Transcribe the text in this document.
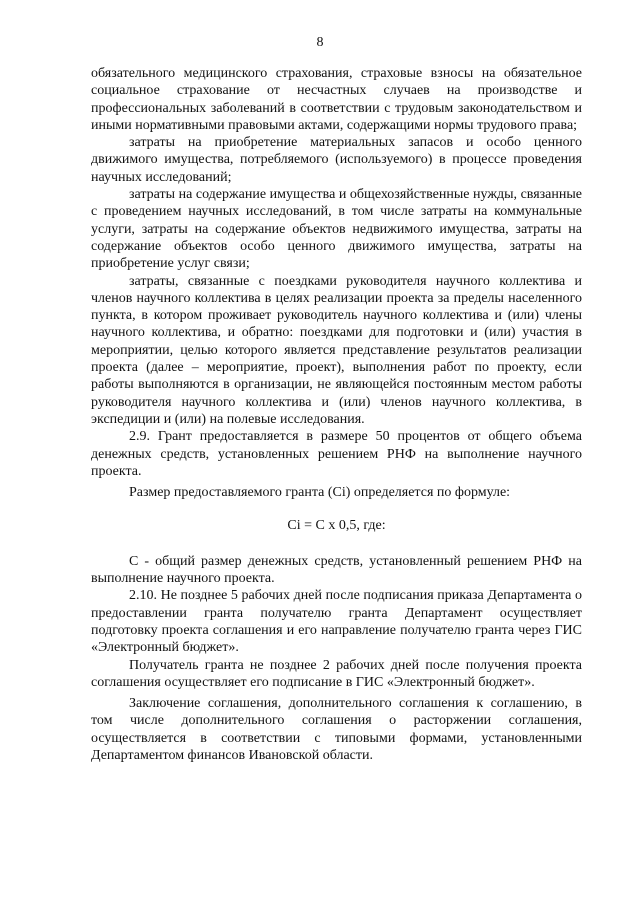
8

обязательного медицинского страхования, страховые взносы на обязательное социальное страхование от несчастных случаев на производстве и профессиональных заболеваний в соответствии с трудовым законодательством и иными нормативными правовыми актами, содержащими нормы трудового права;

затраты на приобретение материальных запасов и особо ценного движимого имущества, потребляемого (используемого) в процессе проведения научных исследований;

затраты на содержание имущества и общехозяйственные нужды, связанные с проведением научных исследований, в том числе затраты на коммунальные услуги, затраты на содержание объектов недвижимого имущества, затраты на содержание объектов особо ценного движимого имущества, затраты на приобретение услуг связи;

затраты, связанные с поездками руководителя научного коллектива и членов научного коллектива в целях реализации проекта за пределы населенного пункта, в котором проживает руководитель научного коллектива и (или) члены научного коллектива, и обратно: поездками для подготовки и (или) участия в мероприятии, целью которого является представление результатов реализации проекта (далее – мероприятие, проект), выполнения работ по проекту, если работы выполняются в организации, не являющейся постоянным местом работы руководителя научного коллектива и (или) членов научного коллектива, в экспедиции и (или) на полевые исследования.

2.9. Грант предоставляется в размере 50 процентов от общего объема денежных средств, установленных решением РНФ на выполнение научного проекта.

Размер предоставляемого гранта (Ci) определяется по формуле:

Ci = C x 0,5, где:

C - общий размер денежных средств, установленный решением РНФ на выполнение научного проекта.

2.10. Не позднее 5 рабочих дней после подписания приказа Департамента о предоставлении гранта получателю гранта Департамент осуществляет подготовку проекта соглашения и его направление получателю гранта через ГИС «Электронный бюджет».

Получатель гранта не позднее 2 рабочих дней после получения проекта соглашения осуществляет его подписание в ГИС «Электронный бюджет».

Заключение соглашения, дополнительного соглашения к соглашению, в том числе дополнительного соглашения о расторжении соглашения, осуществляется в соответствии с типовыми формами, установленными Департаментом финансов Ивановской области.
